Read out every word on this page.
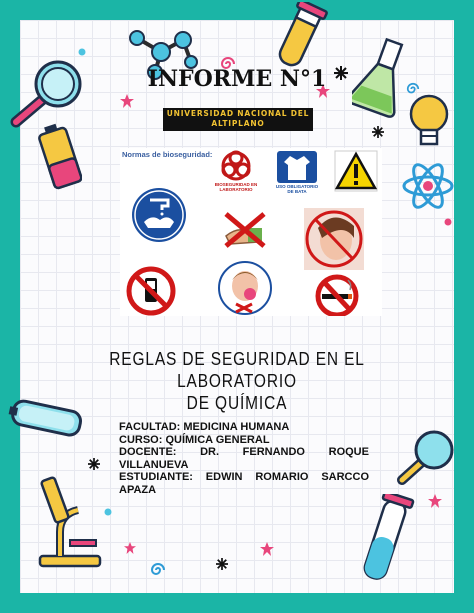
INFORME N°1
UNIVERSIDAD NACIONAL DEL
ALTIPLANO
Normas de bioseguridad:
BIOSEGURIDAD EN
LABORATORIO
USO OBLIGATORIO
DE BATA
REGLAS DE SEGURIDAD EN EL LABORATORIO
DE QUÍMICA
FACULTAD: MEDICINA HUMANA
CURSO: QUÍMICA GENERAL
DOCENTE: DR. FERNANDO ROQUE
VILLANUEVA
ESTUDIANTE: EDWIN ROMARIO SARCCO
APAZA
